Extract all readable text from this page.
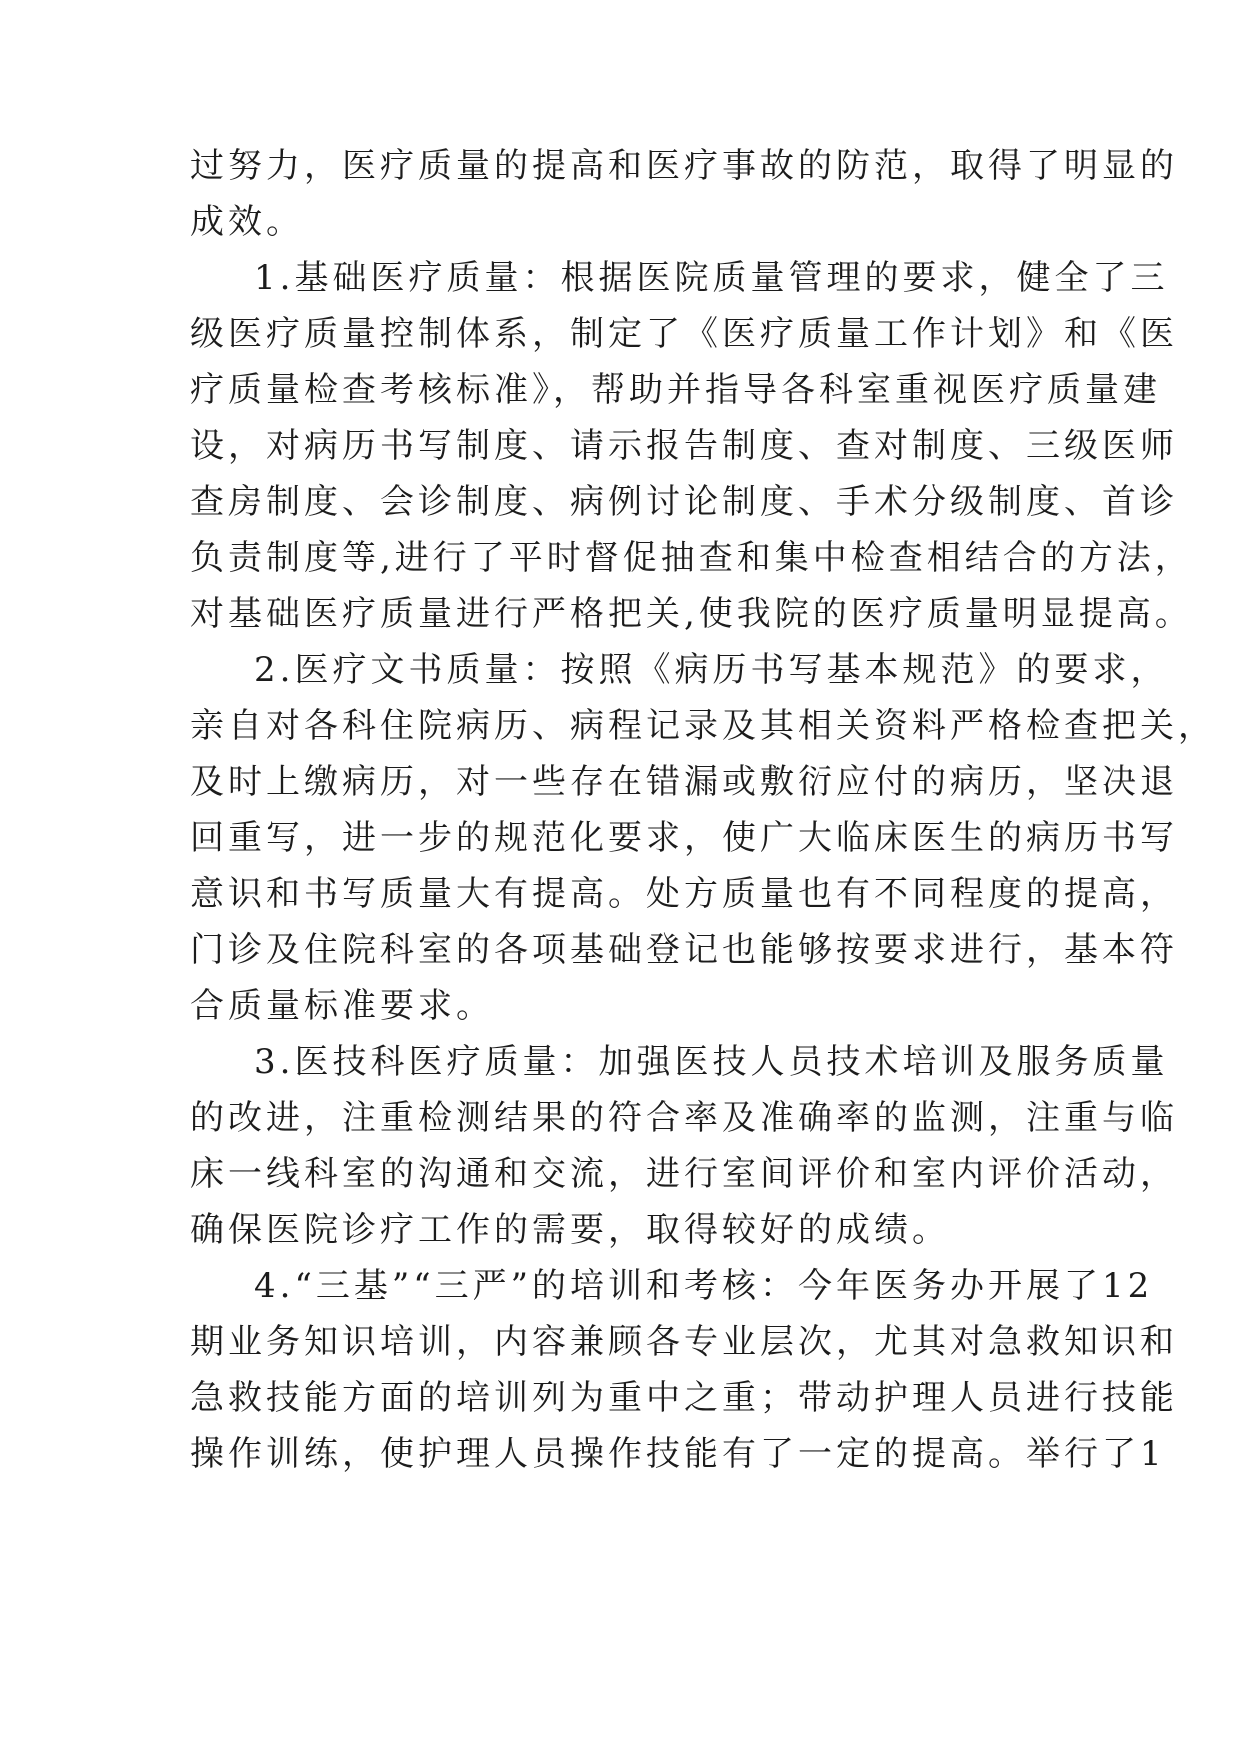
过努力，医疗质量的提高和医疗事故的防范，取得了明显的

成效。

1.基础医疗质量：根据医院质量管理的要求，健全了三

级医疗质量控制体系，制定了《医疗质量工作计划》和《医

疗质量检查考核标准》，帮助并指导各科室重视医疗质量建

设，对病历书写制度、请示报告制度、查对制度、三级医师

查房制度、会诊制度、病例讨论制度、手术分级制度、首诊

负责制度等,进行了平时督促抽查和集中检查相结合的方法，

对基础医疗质量进行严格把关,使我院的医疗质量明显提高。

2.医疗文书质量：按照《病历书写基本规范》的要求，

亲自对各科住院病历、病程记录及其相关资料严格检查把关，

及时上缴病历，对一些存在错漏或敷衍应付的病历，坚决退

回重写，进一步的规范化要求，使广大临床医生的病历书写

意识和书写质量大有提高。处方质量也有不同程度的提高，

门诊及住院科室的各项基础登记也能够按要求进行，基本符

合质量标准要求。

3.医技科医疗质量：加强医技人员技术培训及服务质量

的改进，注重检测结果的符合率及准确率的监测，注重与临

床一线科室的沟通和交流，进行室间评价和室内评价活动，

确保医院诊疗工作的需要，取得较好的成绩。

4.“三基”“三严”的培训和考核：今年医务办开展了12

期业务知识培训，内容兼顾各专业层次，尤其对急救知识和

急救技能方面的培训列为重中之重；带动护理人员进行技能

操作训练，使护理人员操作技能有了一定的提高。举行了1
